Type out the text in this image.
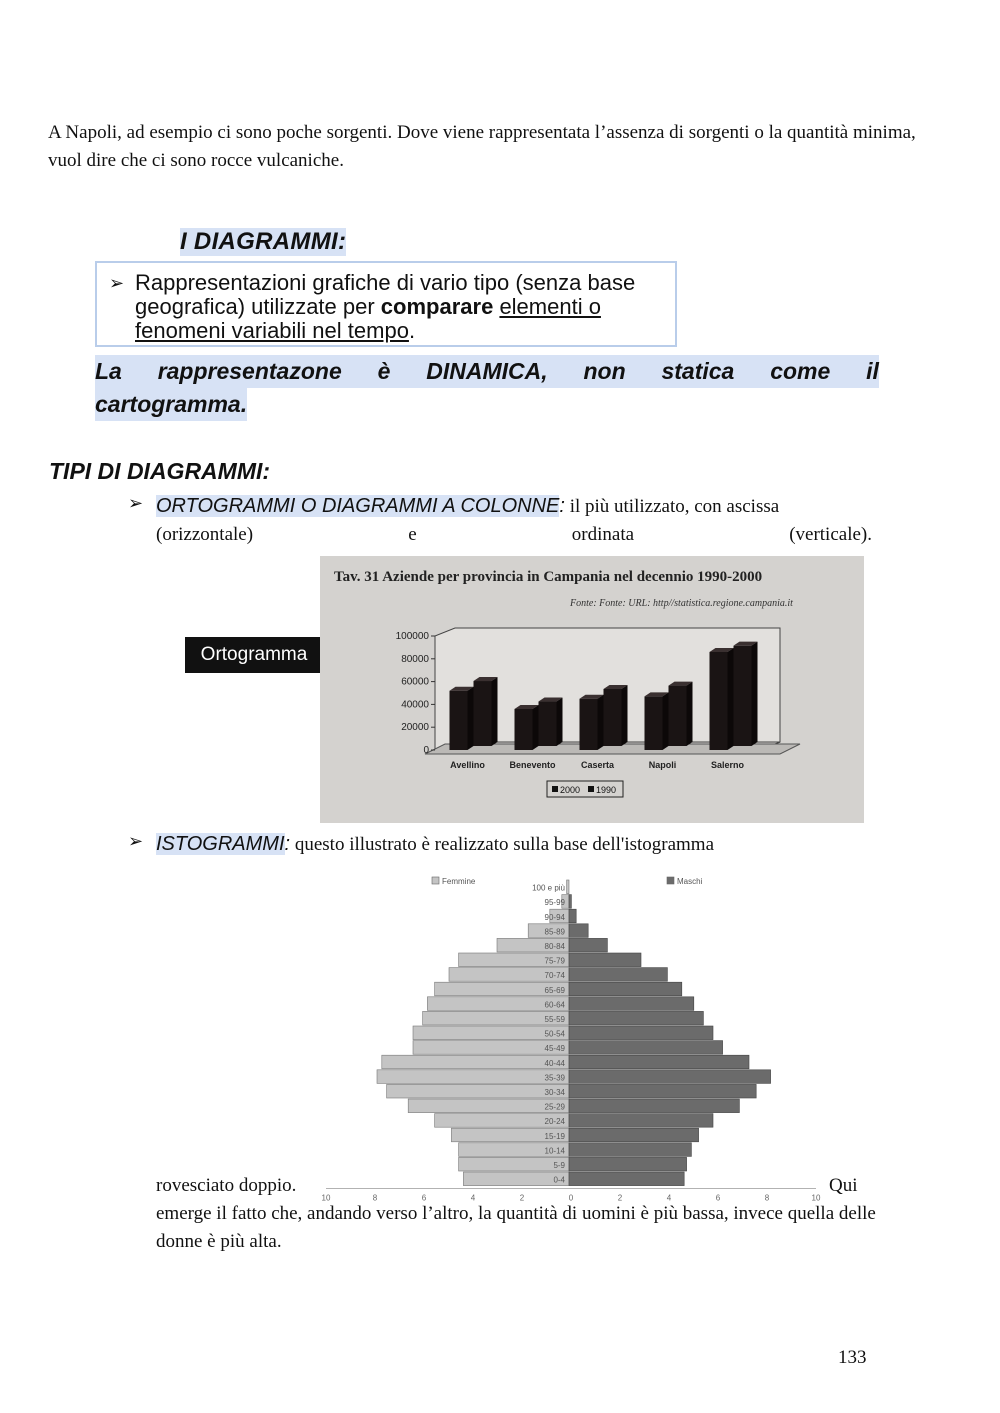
A Napoli, ad esempio ci sono poche sorgenti. Dove viene rappresentata l’assenza di sorgenti o la quantità minima, vuol dire che ci sono rocce vulcaniche.
I DIAGRAMMI:
➢ Rappresentazioni grafiche di vario tipo (senza base geografica) utilizzate per comparare elementi o fenomeni variabili nel tempo.
La rappresentazone è DINAMICA, non statica come il
cartogramma.
TIPI DI DIAGRAMMI:
➢ ORTOGRAMMI O DIAGRAMMI A COLONNE: il più utilizzato, con ascissa
(orizzontale)	e	ordinata	(verticale).
Ortogramma
Tav. 31 Aziende per provincia in Campania nel decennio 1990-2000
Fonte: Fonte: URL: http//statistica.regione.campania.it
100000
80000
60000
40000
20000
0
Avellino	Benevento	Caserta	Napoli	Salerno
2000 1990
➢ ISTOGRAMMI: questo illustrato è realizzato sulla base dell'istogramma
Femmine	Maschi
100 e più
95-99
90-94
85-89
80-84
75-79
70-74
65-69
60-64
55-59
50-54
45-49
40-44
35-39
30-34
25-29
20-24
15-19
10-14
5-9
0-4
10	8	6	4	2	0	2	4	6	8	10
rovesciato doppio.	Qui
emerge il fatto che, andando verso l’altro, la quantità di uomini è più bassa, invece quella delle donne è più alta.
133
